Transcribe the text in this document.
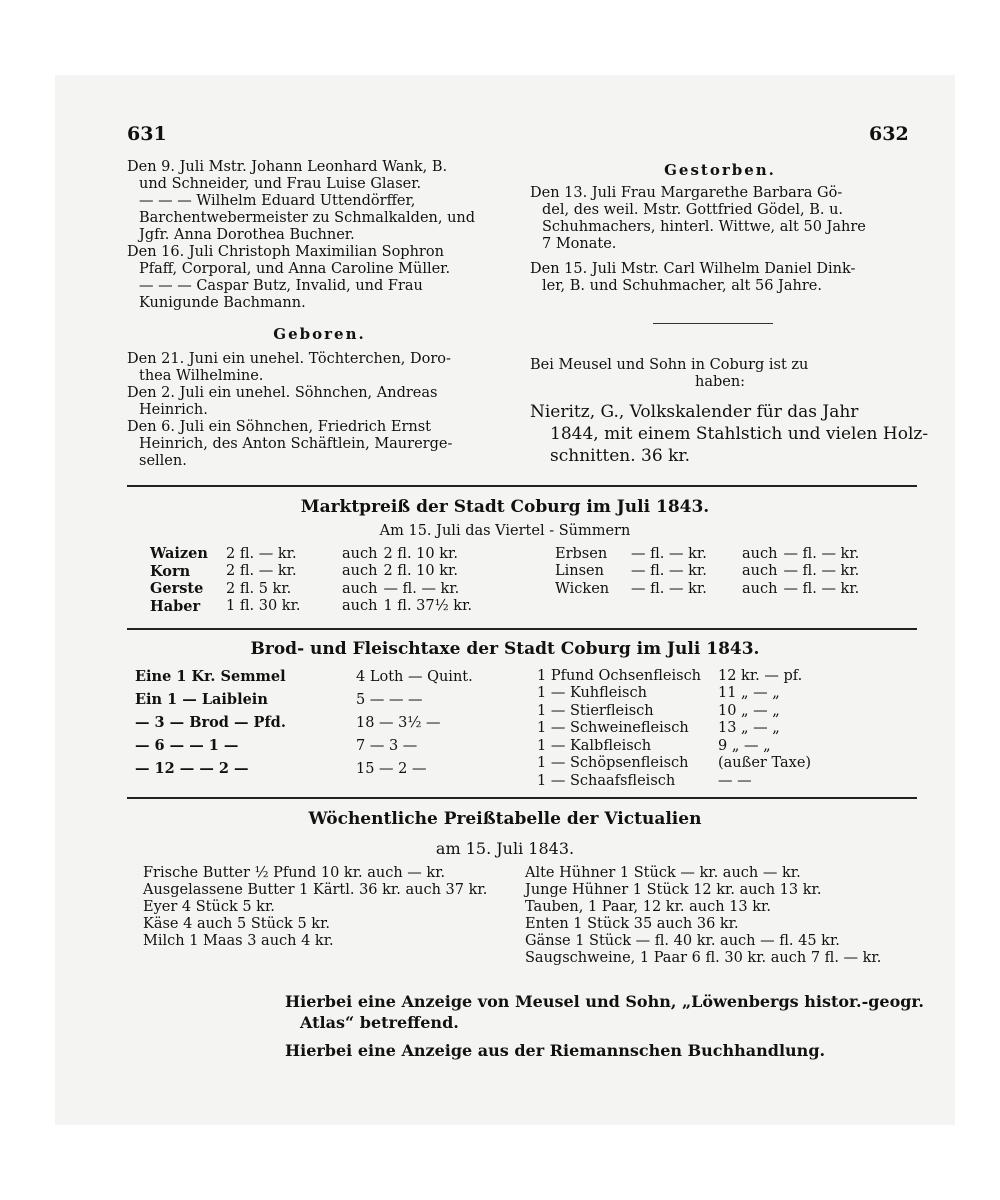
631	632
Den 9. Juli Mstr. Johann Leonhard Wank, B.
und Schneider, und Frau Luise Glaser.
— — — Wilhelm Eduard Uttendörffer,
Barchentwebermeister zu Schmalkalden, und
Jgfr. Anna Dorothea Buchner.
Den 16. Juli Christoph Maximilian Sophron
Pfaff, Corporal, und Anna Caroline Müller.
— — — Caspar Butz, Invalid, und Frau
Kunigunde Bachmann.
Geboren.
Den 21. Juni ein unehel. Töchterchen, Doro-
thea Wilhelmine.
Den 2. Juli ein unehel. Söhnchen, Andreas
Heinrich.
Den 6. Juli ein Söhnchen, Friedrich Ernst
Heinrich, des Anton Schäftlein, Maurerge-
sellen.
Gestorben.
Den 13. Juli Frau Margarethe Barbara Gö-
del, des weil. Mstr. Gottfried Gödel, B. u.
Schuhmachers, hinterl. Wittwe, alt 50 Jahre
7 Monate.
Den 15. Juli Mstr. Carl Wilhelm Daniel Dink-
ler, B. und Schuhmacher, alt 56 Jahre.
Bei Meusel und Sohn in Coburg ist zu
haben:
Nieritz, G., Volkskalender für das Jahr
1844, mit einem Stahlstich und vielen Holz-
schnitten. 36 kr.
Marktpreiß der Stadt Coburg im Juli 1843.
Am 15. Juli das Viertel - Sümmern
Waizen	2 fl. — kr.	auch	2 fl. 10 kr.
Korn	2 fl. — kr.	auch	2 fl. 10 kr.
Gerste	2 fl. 5 kr.	auch	— fl. — kr.
Haber	1 fl. 30 kr.	auch	1 fl. 37½ kr.
Erbsen	— fl. — kr.	auch	— fl. — kr.
Linsen	— fl. — kr.	auch	— fl. — kr.
Wicken	— fl. — kr.	auch	— fl. — kr.
Brod- und Fleischtaxe der Stadt Coburg im Juli 1843.
Eine 1 Kr. Semmel	4 Loth — Quint.
Ein 1 — Laiblein	5 — — —
— 3 — Brod — Pfd.	18 — 3½ —
— 6 — — 1 —	7 — 3 —
— 12 — — 2 —	15 — 2 —
1 Pfund Ochsenfleisch	12 kr. — pf.
1 — Kuhfleisch	11 „ — „
1 — Stierfleisch	10 „ — „
1 — Schweinefleisch	13 „ — „
1 — Kalbfleisch	9 „ — „
1 — Schöpsenfleisch	(außer Taxe)
1 — Schaafsfleisch	— —
Wöchentliche Preißtabelle der Victualien
am 15. Juli 1843.
Frische Butter ½ Pfund 10 kr. auch — kr.
Ausgelassene Butter 1 Kärtl. 36 kr. auch 37 kr.
Eyer 4 Stück 5 kr.
Käse 4 auch 5 Stück 5 kr.
Milch 1 Maas 3 auch 4 kr.
Alte Hühner 1 Stück — kr. auch — kr.
Junge Hühner 1 Stück 12 kr. auch 13 kr.
Tauben, 1 Paar, 12 kr. auch 13 kr.
Enten 1 Stück 35 auch 36 kr.
Gänse 1 Stück — fl. 40 kr. auch — fl. 45 kr.
Saugschweine, 1 Paar 6 fl. 30 kr. auch 7 fl. — kr.
Hierbei eine Anzeige von Meusel und Sohn, „Löwenbergs histor.-geogr.
Atlas“ betreffend.
Hierbei eine Anzeige aus der Riemannschen Buchhandlung.
